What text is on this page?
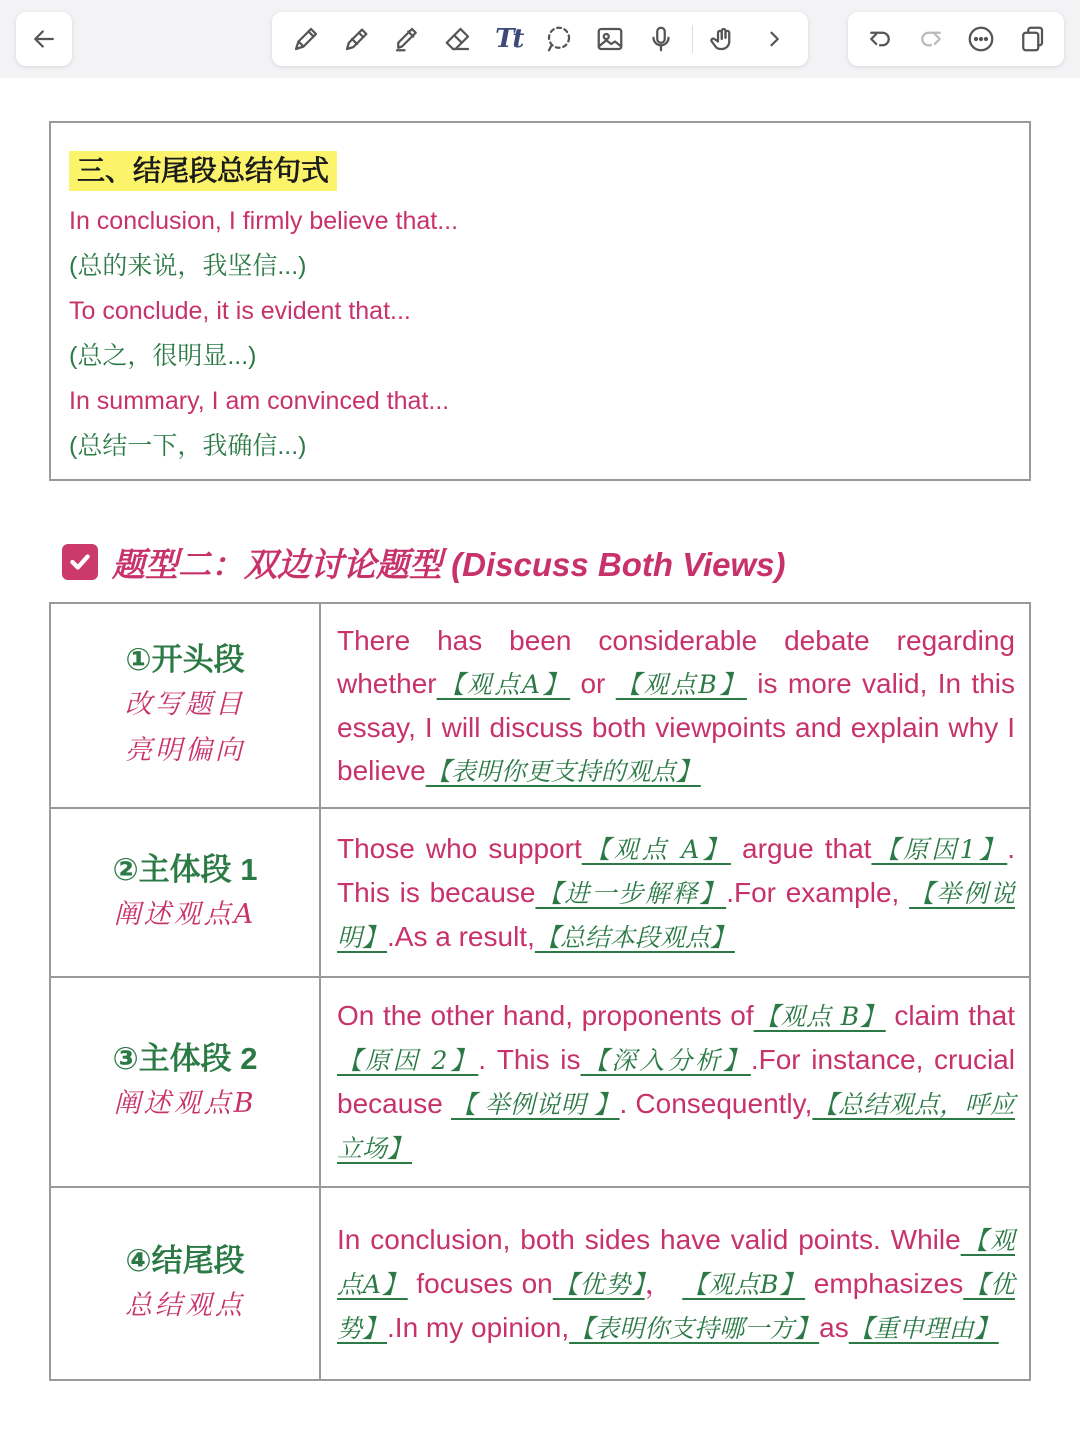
Tt
三、结尾段总结句式
In conclusion, I firmly believe that...
(总的来说，我坚信...)
To conclude, it is evident that...
(总之，很明显...)
In summary, I am convinced that...
(总结一下，我确信...)
题型二：双边讨论题型 (Discuss Both Views)
①开头段
改写题目
亮明偏向	There has been considerable debate regarding whether【观点A】 or 【观点B】 is more valid, In this essay, I will discuss both viewpoints and explain why I believe【表明你更支持的观点】

②主体段 1
阐述观点A	Those who support【观点 A】 argue that【原因1】. This is because【进一步解释】.For example, 【举例说明】.As a result,【总结本段观点】

③主体段 2
阐述观点B	On the other hand, proponents of【观点 B】 claim that【原因 2】. This is【深入分析】.For instance, crucial because 【 举例说明 】. Consequently,【总结观点，呼应立场】

④结尾段
总结观点	In conclusion, both sides have valid points. While【观点A】 focuses on【优势】， 【观点B】 emphasizes【优势】.In my opinion,【表明你支持哪一方】as【重申理由】
